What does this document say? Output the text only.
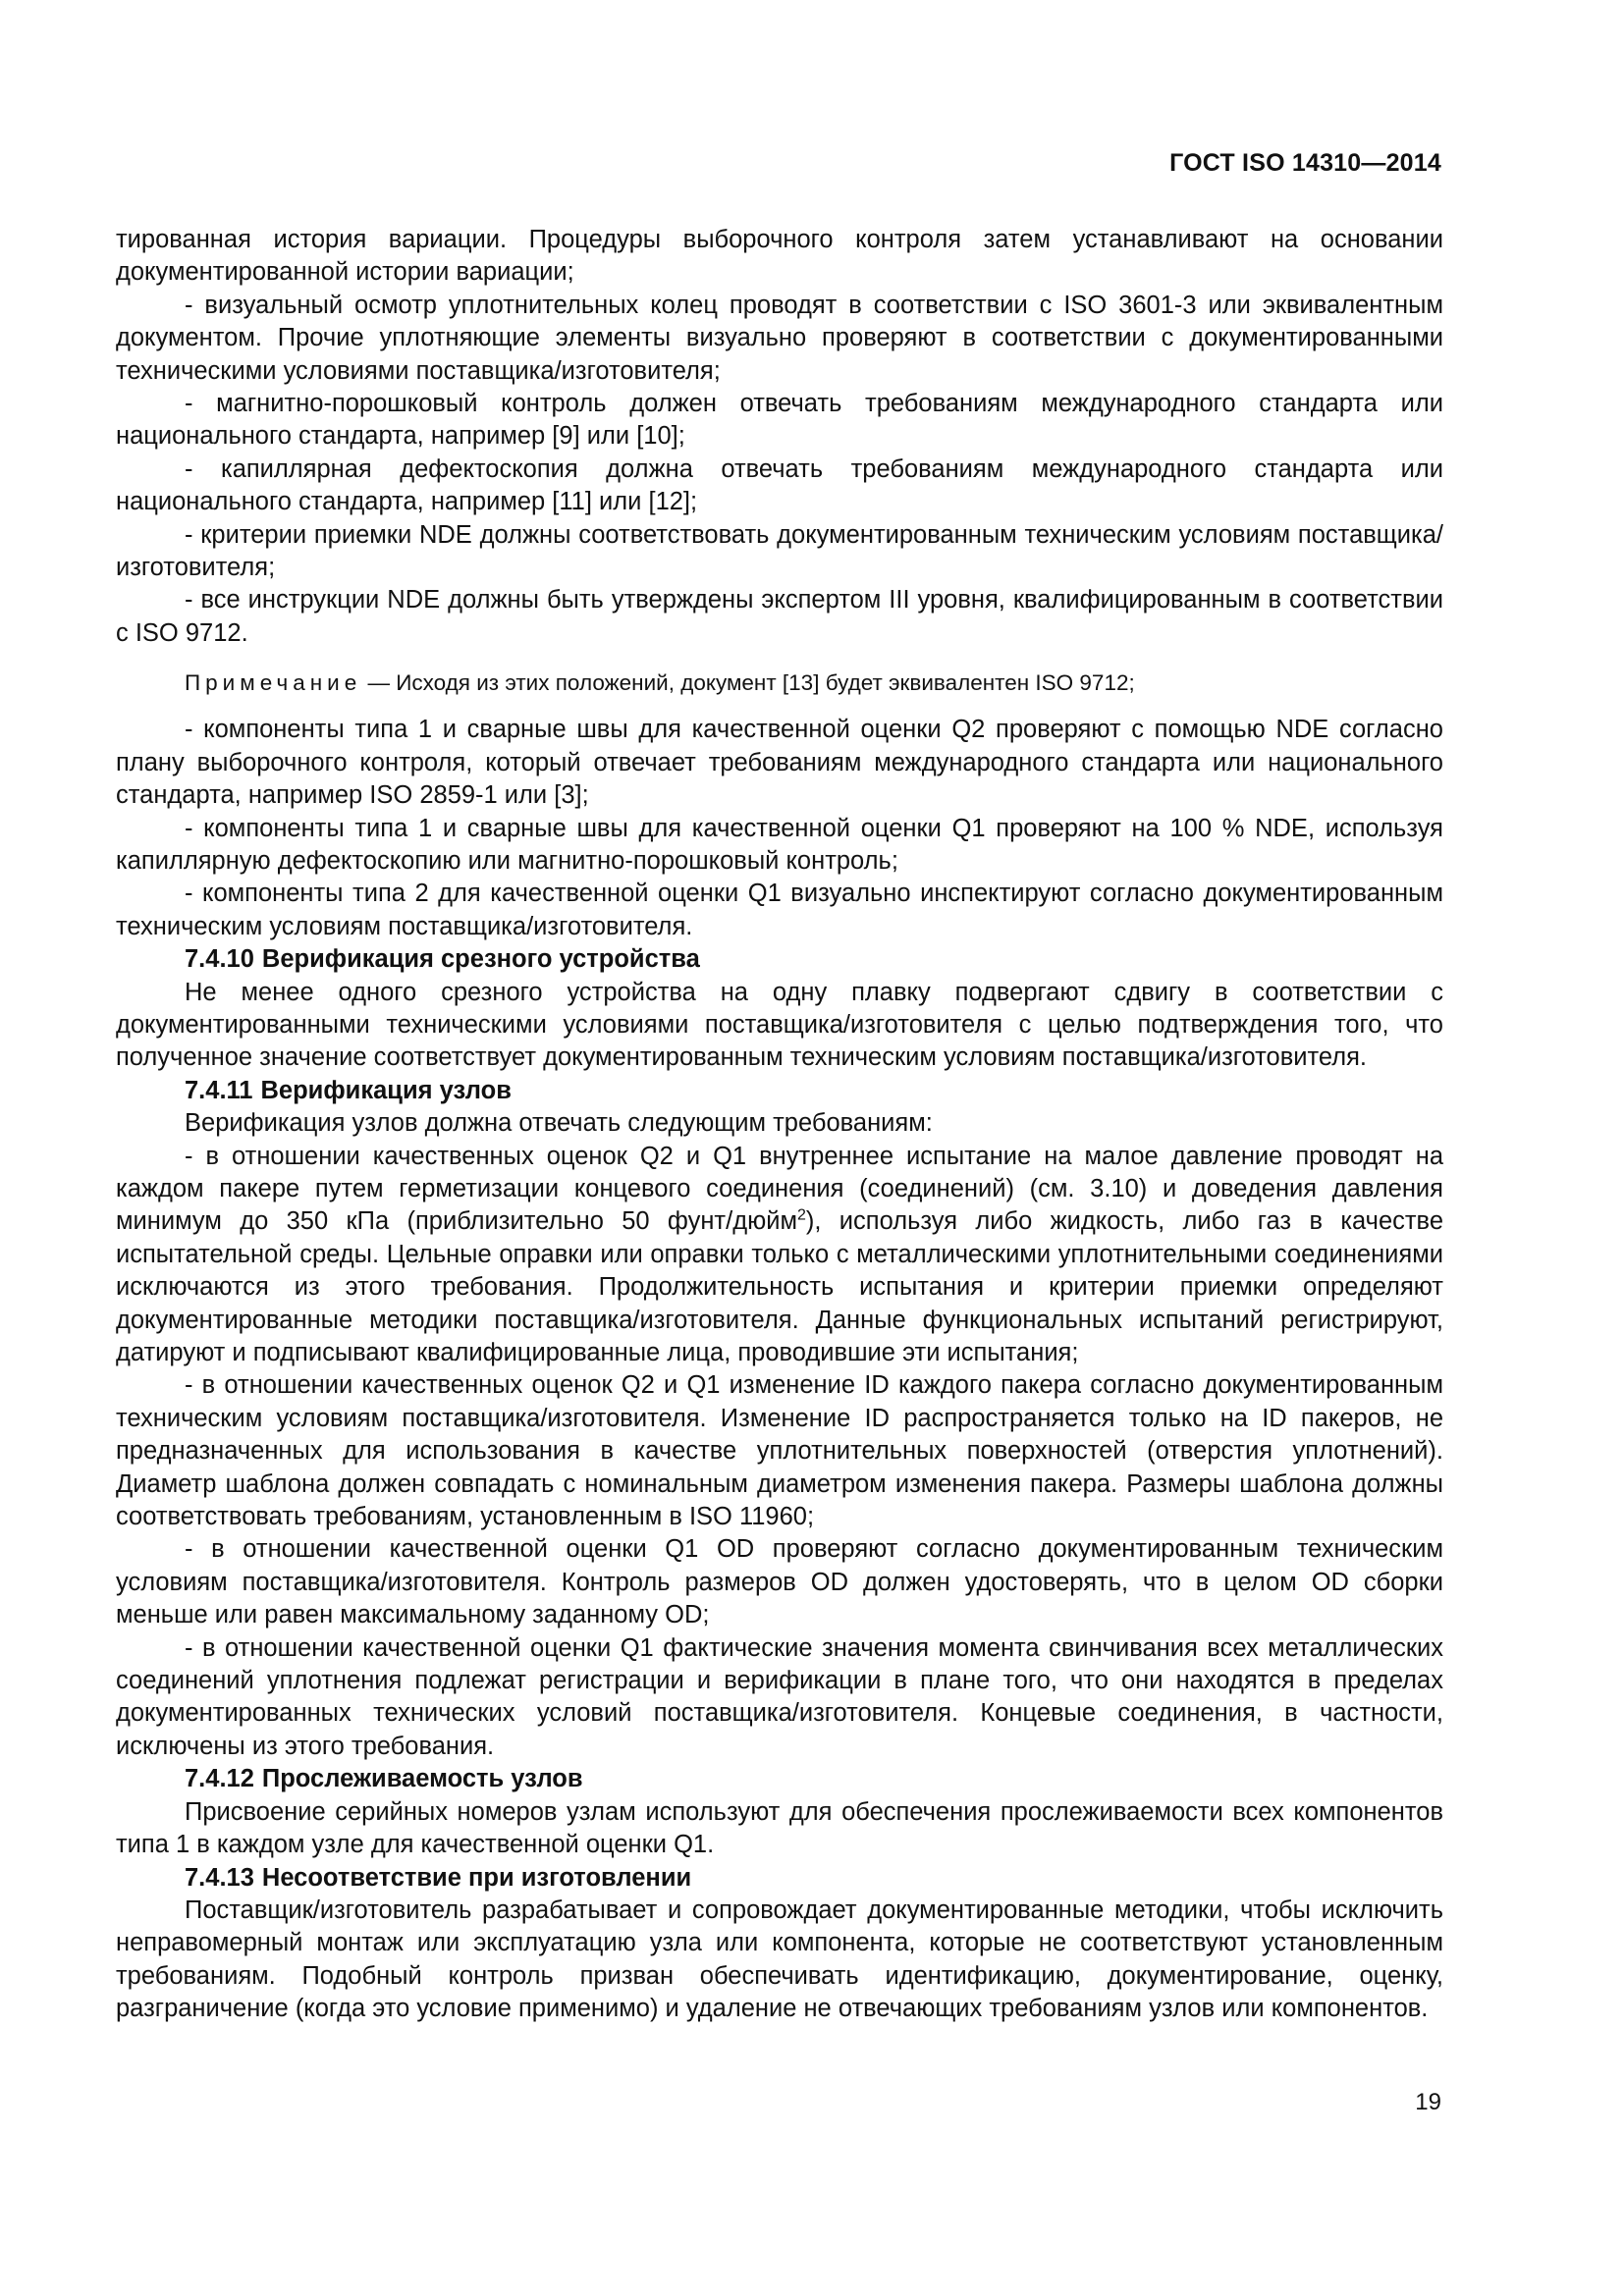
ГОСТ ISO 14310—2014

тированная история вариации. Процедуры выборочного контроля затем устанавливают на основании документированной истории вариации;

- визуальный осмотр уплотнительных колец проводят в соответствии с ISO 3601-3 или эквивалентным документом. Прочие уплотняющие элементы визуально проверяют в соответствии с документированными техническими условиями поставщика/изготовителя;

- магнитно-порошковый контроль должен отвечать требованиям международного стандарта или национального стандарта, например [9] или [10];

- капиллярная дефектоскопия должна отвечать требованиям международного стандарта или национального стандарта, например [11] или [12];

- критерии приемки NDE должны соответствовать документированным техническим условиям поставщика/изготовителя;

- все инструкции NDE должны быть утверждены экспертом III уровня, квалифицированным в соответствии с ISO 9712.

Примечание — Исходя из этих положений, документ [13] будет эквивалентен ISO 9712;

- компоненты типа 1 и сварные швы для качественной оценки Q2 проверяют с помощью NDE согласно плану выборочного контроля, который отвечает требованиям международного стандарта или национального стандарта, например ISO 2859-1 или [3];

- компоненты типа 1 и сварные швы для качественной оценки Q1 проверяют на 100 % NDE, используя капиллярную дефектоскопию или магнитно-порошковый контроль;

- компоненты типа 2 для качественной оценки Q1 визуально инспектируют согласно документированным техническим условиям поставщика/изготовителя.

7.4.10 Верификация срезного устройства

Не менее одного срезного устройства на одну плавку подвергают сдвигу в соответствии с документированными техническими условиями поставщика/изготовителя с целью подтверждения того, что полученное значение соответствует документированным техническим условиям поставщика/изготовителя.

7.4.11 Верификация узлов

Верификация узлов должна отвечать следующим требованиям:

- в отношении качественных оценок Q2 и Q1 внутреннее испытание на малое давление проводят на каждом пакере путем герметизации концевого соединения (соединений) (см. 3.10) и доведения давления минимум до 350 кПа (приблизительно 50 фунт/дюйм$^2$), используя либо жидкость, либо газ в качестве испытательной среды. Цельные оправки или оправки только с металлическими уплотнительными соединениями исключаются из этого требования. Продолжительность испытания и критерии приемки определяют документированные методики поставщика/изготовителя. Данные функциональных испытаний регистрируют, датируют и подписывают квалифицированные лица, проводившие эти испытания;

- в отношении качественных оценок Q2 и Q1 изменение ID каждого пакера согласно документированным техническим условиям поставщика/изготовителя. Изменение ID распространяется только на ID пакеров, не предназначенных для использования в качестве уплотнительных поверхностей (отверстия уплотнений). Диаметр шаблона должен совпадать с номинальным диаметром изменения пакера. Размеры шаблона должны соответствовать требованиям, установленным в ISO 11960;

- в отношении качественной оценки Q1 OD проверяют согласно документированным техническим условиям поставщика/изготовителя. Контроль размеров OD должен удостоверять, что в целом OD сборки меньше или равен максимальному заданному OD;

- в отношении качественной оценки Q1 фактические значения момента свинчивания всех металлических соединений уплотнения подлежат регистрации и верификации в плане того, что они находятся в пределах документированных технических условий поставщика/изготовителя. Концевые соединения, в частности, исключены из этого требования.

7.4.12 Прослеживаемость узлов

Присвоение серийных номеров узлам используют для обеспечения прослеживаемости всех компонентов типа 1 в каждом узле для качественной оценки Q1.

7.4.13 Несоответствие при изготовлении

Поставщик/изготовитель разрабатывает и сопровождает документированные методики, чтобы исключить неправомерный монтаж или эксплуатацию узла или компонента, которые не соответствуют установленным требованиям. Подобный контроль призван обеспечивать идентификацию, документирование, оценку, разграничение (когда это условие применимо) и удаление не отвечающих требованиям узлов или компонентов.

19
